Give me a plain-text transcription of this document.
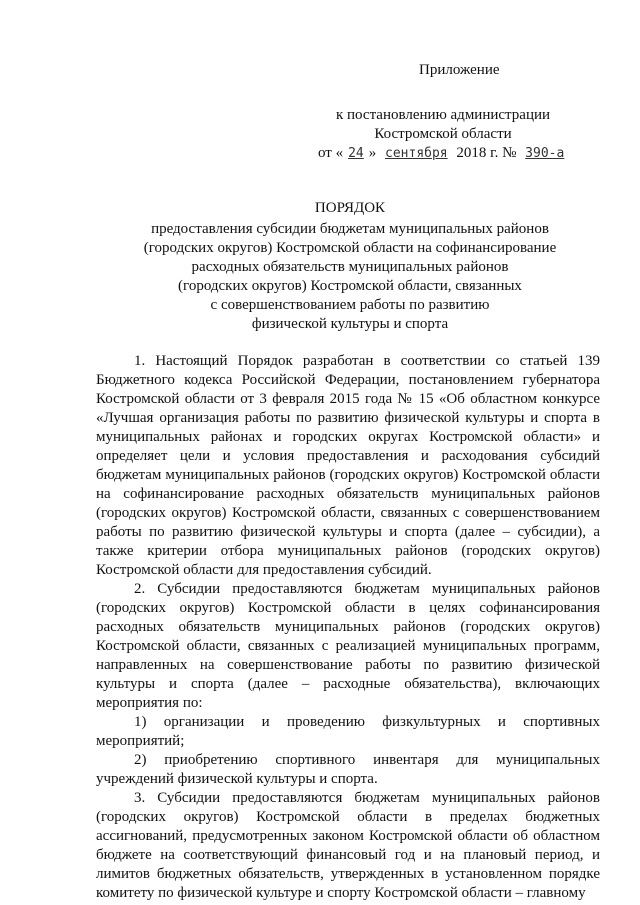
Приложение
к постановлению администрации
Костромской области
от « 24 » сентября 2018 г. № 390-а
ПОРЯДОК
предоставления субсидии бюджетам муниципальных районов
(городских округов) Костромской области на софинансирование
расходных обязательств муниципальных районов
(городских округов) Костромской области, связанных
с совершенствованием работы по развитию
физической культуры и спорта

1. Настоящий Порядок разработан в соответствии со статьей 139 Бюджетного кодекса Российской Федерации, постановлением губернатора Костромской области от 3 февраля 2015 года № 15 «Об областном конкурсе «Лучшая организация работы по развитию физической культуры и спорта в муниципальных районах и городских округах Костромской области» и определяет цели и условия предоставления и расходования субсидий бюджетам муниципальных районов (городских округов) Костромской области на софинансирование расходных обязательств муниципальных районов (городских округов) Костромской области, связанных с совершенствованием работы по развитию физической культуры и спорта (далее – субсидии), а также критерии отбора муниципальных районов (городских округов) Костромской области для предоставления субсидий.

2. Субсидии предоставляются бюджетам муниципальных районов (городских округов) Костромской области в целях софинансирования расходных обязательств муниципальных районов (городских округов) Костромской области, связанных с реализацией муниципальных программ, направленных на совершенствование работы по развитию физической культуры и спорта (далее – расходные обязательства), включающих мероприятия по:

1) организации и проведению физкультурных и спортивных мероприятий;

2) приобретению спортивного инвентаря для муниципальных учреждений физической культуры и спорта.

3. Субсидии предоставляются бюджетам муниципальных районов (городских округов) Костромской области в пределах бюджетных ассигнований, предусмотренных законом Костромской области об областном бюджете на соответствующий финансовый год и на плановый период, и лимитов бюджетных обязательств, утвержденных в установленном порядке комитету по физической культуре и спорту Костромской области – главному
